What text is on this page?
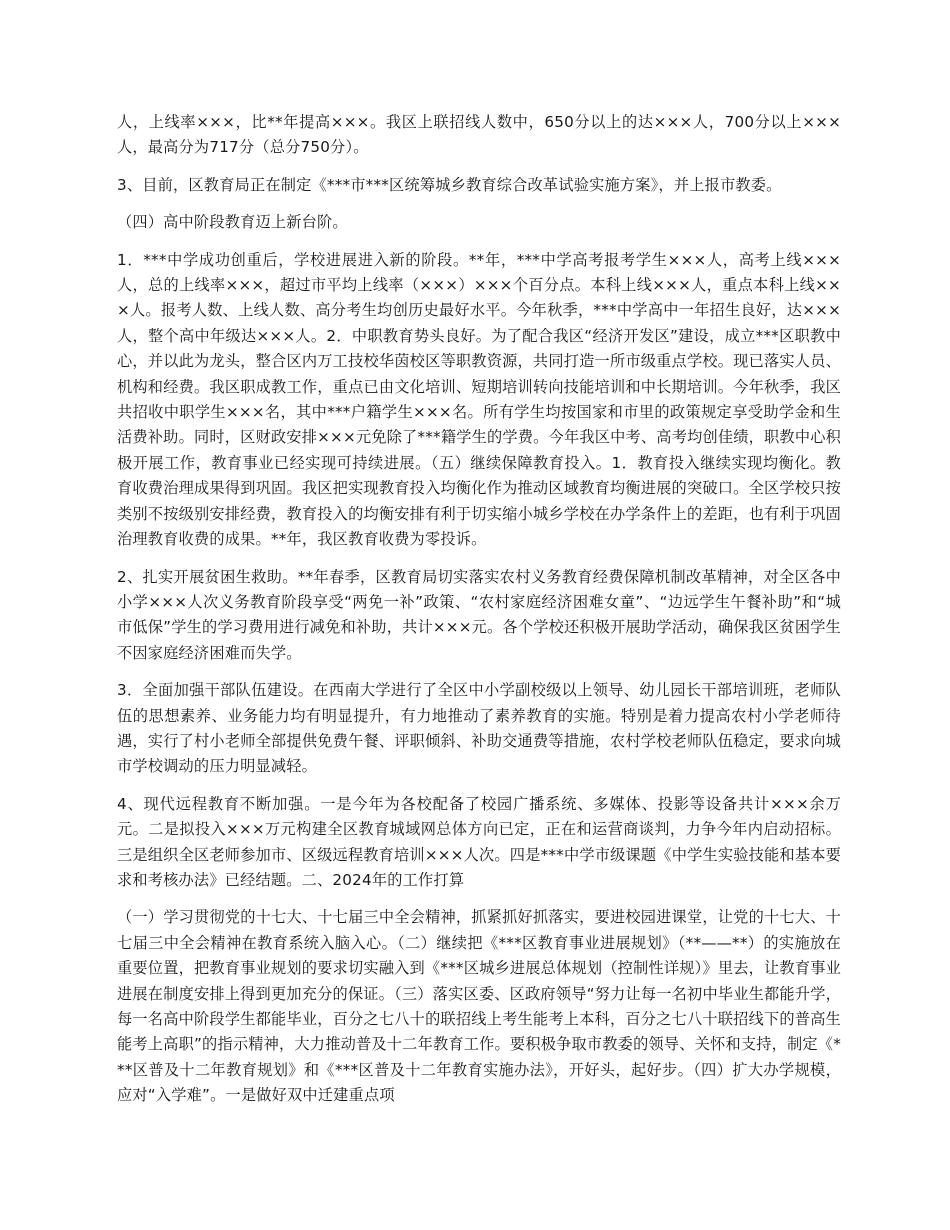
人，上线率×××，比**年提高×××。我区上联招线人数中，650分以上的达×××人，700分以上×××人，最高分为717分（总分750分）。

3、目前，区教育局正在制定《***市***区统筹城乡教育综合改革试验实施方案》，并上报市教委。

（四）高中阶段教育迈上新台阶。

1．***中学成功创重后，学校进展进入新的阶段。**年，***中学高考报考学生×××人，高考上线×××人，总的上线率×××，超过市平均上线率（×××）×××个百分点。本科上线×××人，重点本科上线×××人。报考人数、上线人数、高分考生均创历史最好水平。今年秋季，***中学高中一年招生良好，达×××人，整个高中年级达×××人。2．中职教育势头良好。为了配合我区“经济开发区”建设，成立***区职教中心，并以此为龙头，整合区内万工技校华茵校区等职教资源，共同打造一所市级重点学校。现已落实人员、机构和经费。我区职成教工作，重点已由文化培训、短期培训转向技能培训和中长期培训。今年秋季，我区共招收中职学生×××名，其中***户籍学生×××名。所有学生均按国家和市里的政策规定享受助学金和生活费补助。同时，区财政安排×××元免除了***籍学生的学费。今年我区中考、高考均创佳绩，职教中心积极开展工作，教育事业已经实现可持续进展。（五）继续保障教育投入。1．教育投入继续实现均衡化。教育收费治理成果得到巩固。我区把实现教育投入均衡化作为推动区域教育均衡进展的突破口。全区学校只按类别不按级别安排经费，教育投入的均衡安排有利于切实缩小城乡学校在办学条件上的差距，也有利于巩固治理教育收费的成果。**年，我区教育收费为零投诉。

2、扎实开展贫困生救助。**年春季，区教育局切实落实农村义务教育经费保障机制改革精神，对全区各中小学×××人次义务教育阶段享受“两免一补”政策、“农村家庭经济困难女童”、“边远学生午餐补助”和“城市低保”学生的学习费用进行减免和补助，共计×××元。各个学校还积极开展助学活动，确保我区贫困学生不因家庭经济困难而失学。

3．全面加强干部队伍建设。在西南大学进行了全区中小学副校级以上领导、幼儿园长干部培训班，老师队伍的思想素养、业务能力均有明显提升，有力地推动了素养教育的实施。特别是着力提高农村小学老师待遇，实行了村小老师全部提供免费午餐、评职倾斜、补助交通费等措施，农村学校老师队伍稳定，要求向城市学校调动的压力明显减轻。

4、现代远程教育不断加强。一是今年为各校配备了校园广播系统、多媒体、投影等设备共计×××余万元。二是拟投入×××万元构建全区教育城域网总体方向已定，正在和运营商谈判，力争今年内启动招标。三是组织全区老师参加市、区级远程教育培训×××人次。四是***中学市级课题《中学生实验技能和基本要求和考核办法》已经结题。二、2024年的工作打算

（一）学习贯彻党的十七大、十七届三中全会精神，抓紧抓好抓落实，要进校园进课堂，让党的十七大、十七届三中全会精神在教育系统入脑入心。（二）继续把《***区教育事业进展规划》（**——**）的实施放在重要位置，把教育事业规划的要求切实融入到《***区城乡进展总体规划（控制性详规）》里去，让教育事业进展在制度安排上得到更加充分的保证。（三）落实区委、区政府领导“努力让每一名初中毕业生都能升学，每一名高中阶段学生都能毕业，百分之七八十的联招线上考生能考上本科，百分之七八十联招线下的普高生能考上高职”的指示精神，大力推动普及十二年教育工作。要积极争取市教委的领导、关怀和支持，制定《***区普及十二年教育规划》和《***区普及十二年教育实施办法》，开好头，起好步。（四）扩大办学规模，应对“入学难”。一是做好双中迁建重点项
